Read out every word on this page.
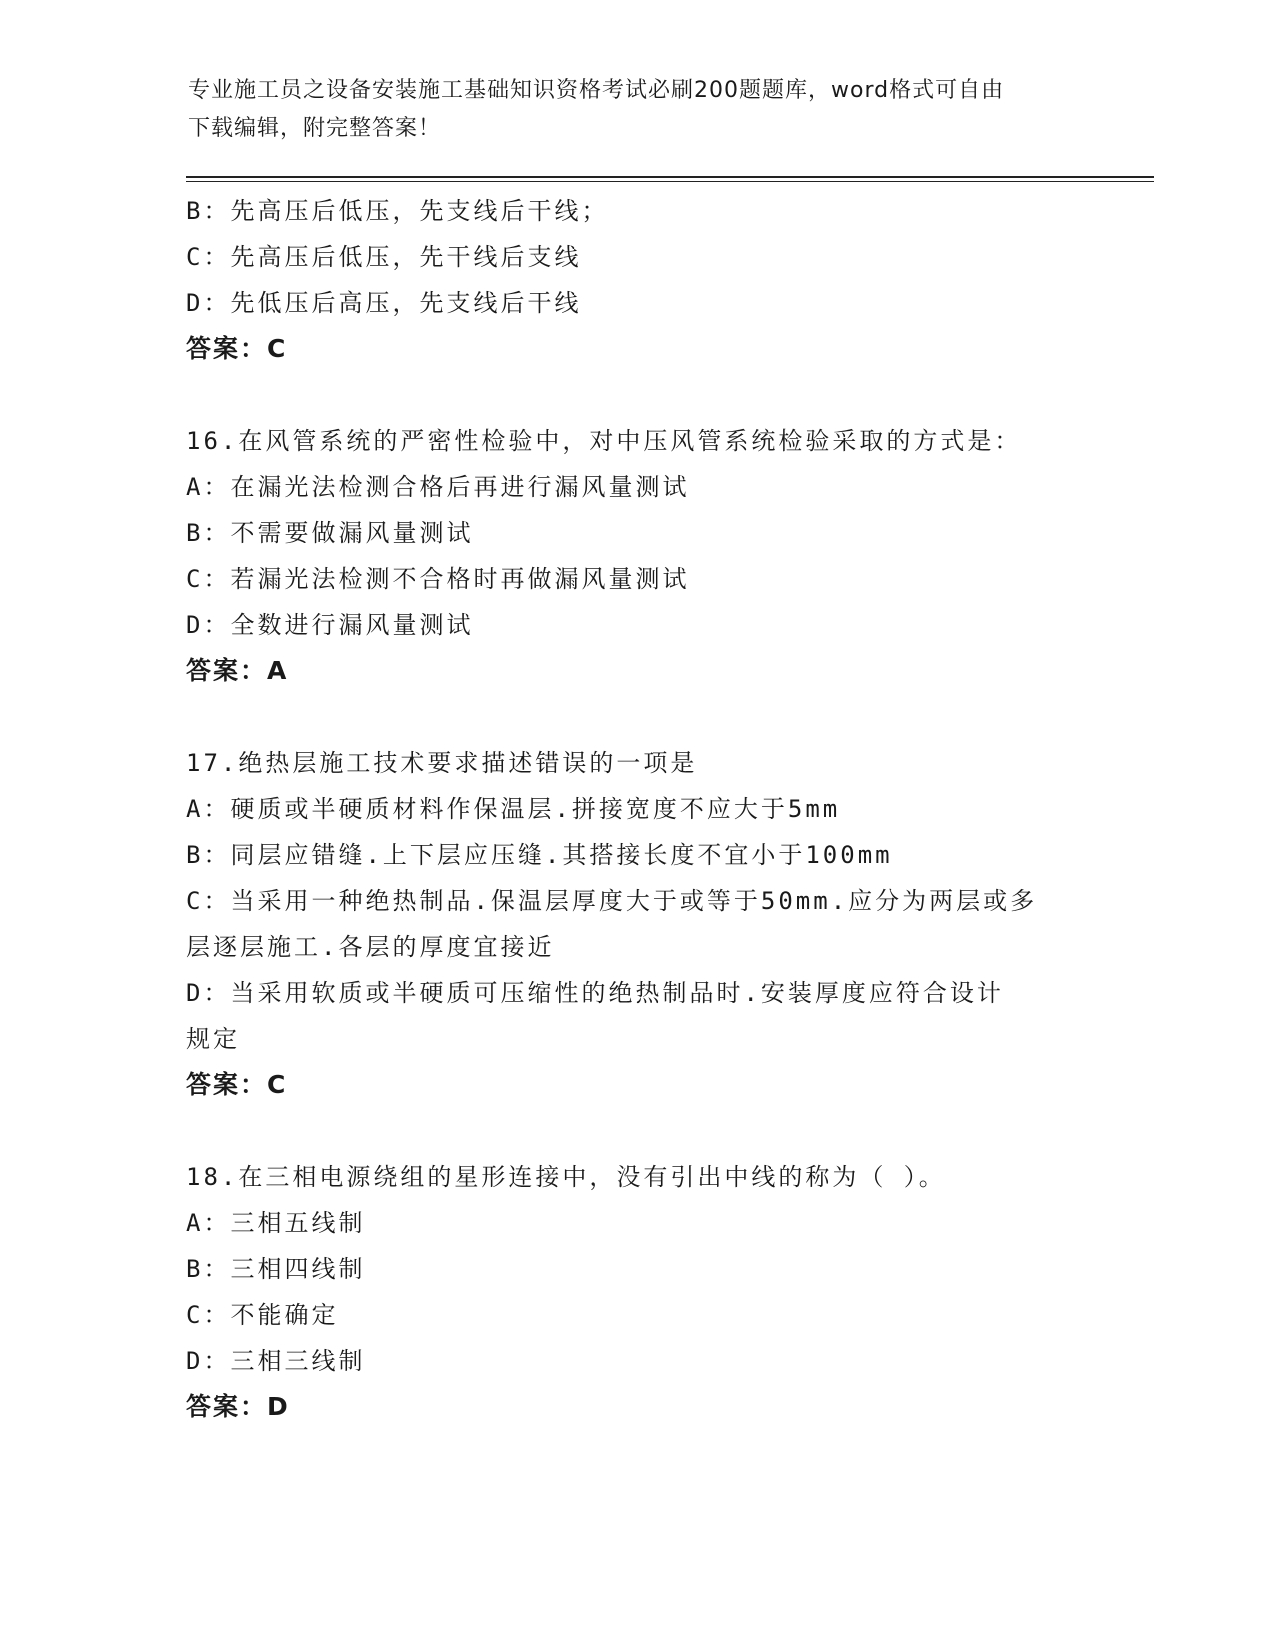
专业施工员之设备安装施工基础知识资格考试必刷200题题库，word格式可自由
下载编辑，附完整答案！
B：先高压后低压，先支线后干线；
C：先高压后低压，先干线后支线
D：先低压后高压，先支线后干线
答案：C
16.在风管系统的严密性检验中，对中压风管系统检验采取的方式是：
A：在漏光法检测合格后再进行漏风量测试
B：不需要做漏风量测试
C：若漏光法检测不合格时再做漏风量测试
D：全数进行漏风量测试
答案：A
17.绝热层施工技术要求描述错误的一项是
A：硬质或半硬质材料作保温层.拼接宽度不应大于5mm
B：同层应错缝.上下层应压缝.其搭接长度不宜小于100mm
C：当采用一种绝热制品.保温层厚度大于或等于50mm.应分为两层或多
层逐层施工.各层的厚度宜接近
D：当采用软质或半硬质可压缩性的绝热制品时.安装厚度应符合设计
规定
答案：C
18.在三相电源绕组的星形连接中，没有引出中线的称为（ ）。
A：三相五线制
B：三相四线制
C：不能确定
D：三相三线制
答案：D
